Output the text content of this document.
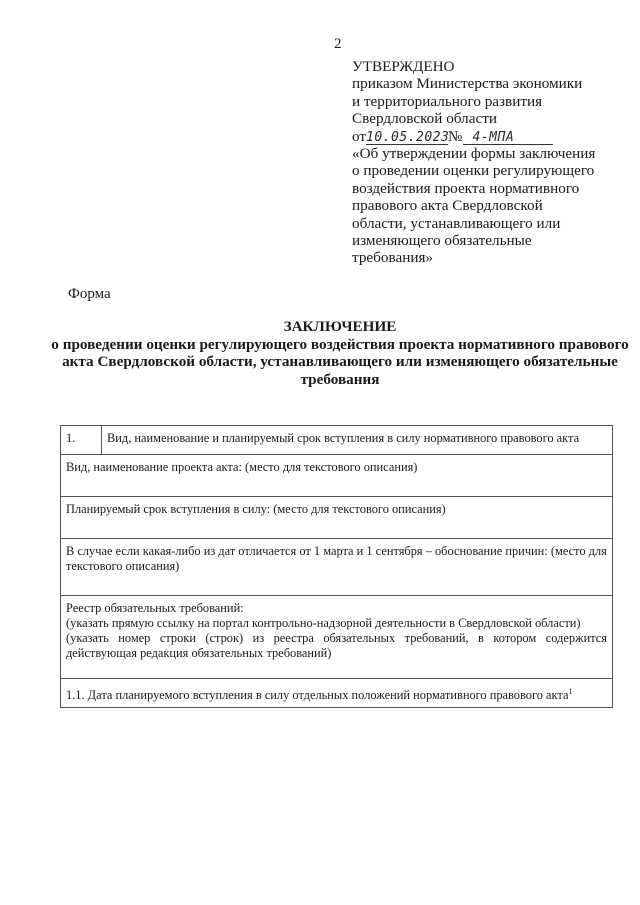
2
УТВЕРЖДЕНО
приказом Министерства экономики
и территориального развития
Свердловской области
от10.05.2023№ 4-МПА
«Об утверждении формы заключения
о проведении оценки регулирующего
воздействия проекта нормативного
правового акта Свердловской
области, устанавливающего или
изменяющего обязательные
требования»
Форма
ЗАКЛЮЧЕНИЕ
о проведении оценки регулирующего воздействия проекта нормативного правового акта Свердловской области, устанавливающего или изменяющего обязательные требования
1.	Вид, наименование и планируемый срок вступления в силу нормативного правового акта
Вид, наименование проекта акта: (место для текстового описания)
Планируемый срок вступления в силу: (место для текстового описания)
В случае если какая-либо из дат отличается от 1 марта и 1 сентября – обоснование причин: (место для текстового описания)

Реестр обязательных требований:
(указать прямую ссылку на портал контрольно-надзорной деятельности в Свердловской области)
(указать номер строки (строк) из реестра обязательных требований, в котором содержится действующая редакция обязательных требований)

1.1. Дата планируемого вступления в силу отдельных положений нормативного правового акта$^1$
